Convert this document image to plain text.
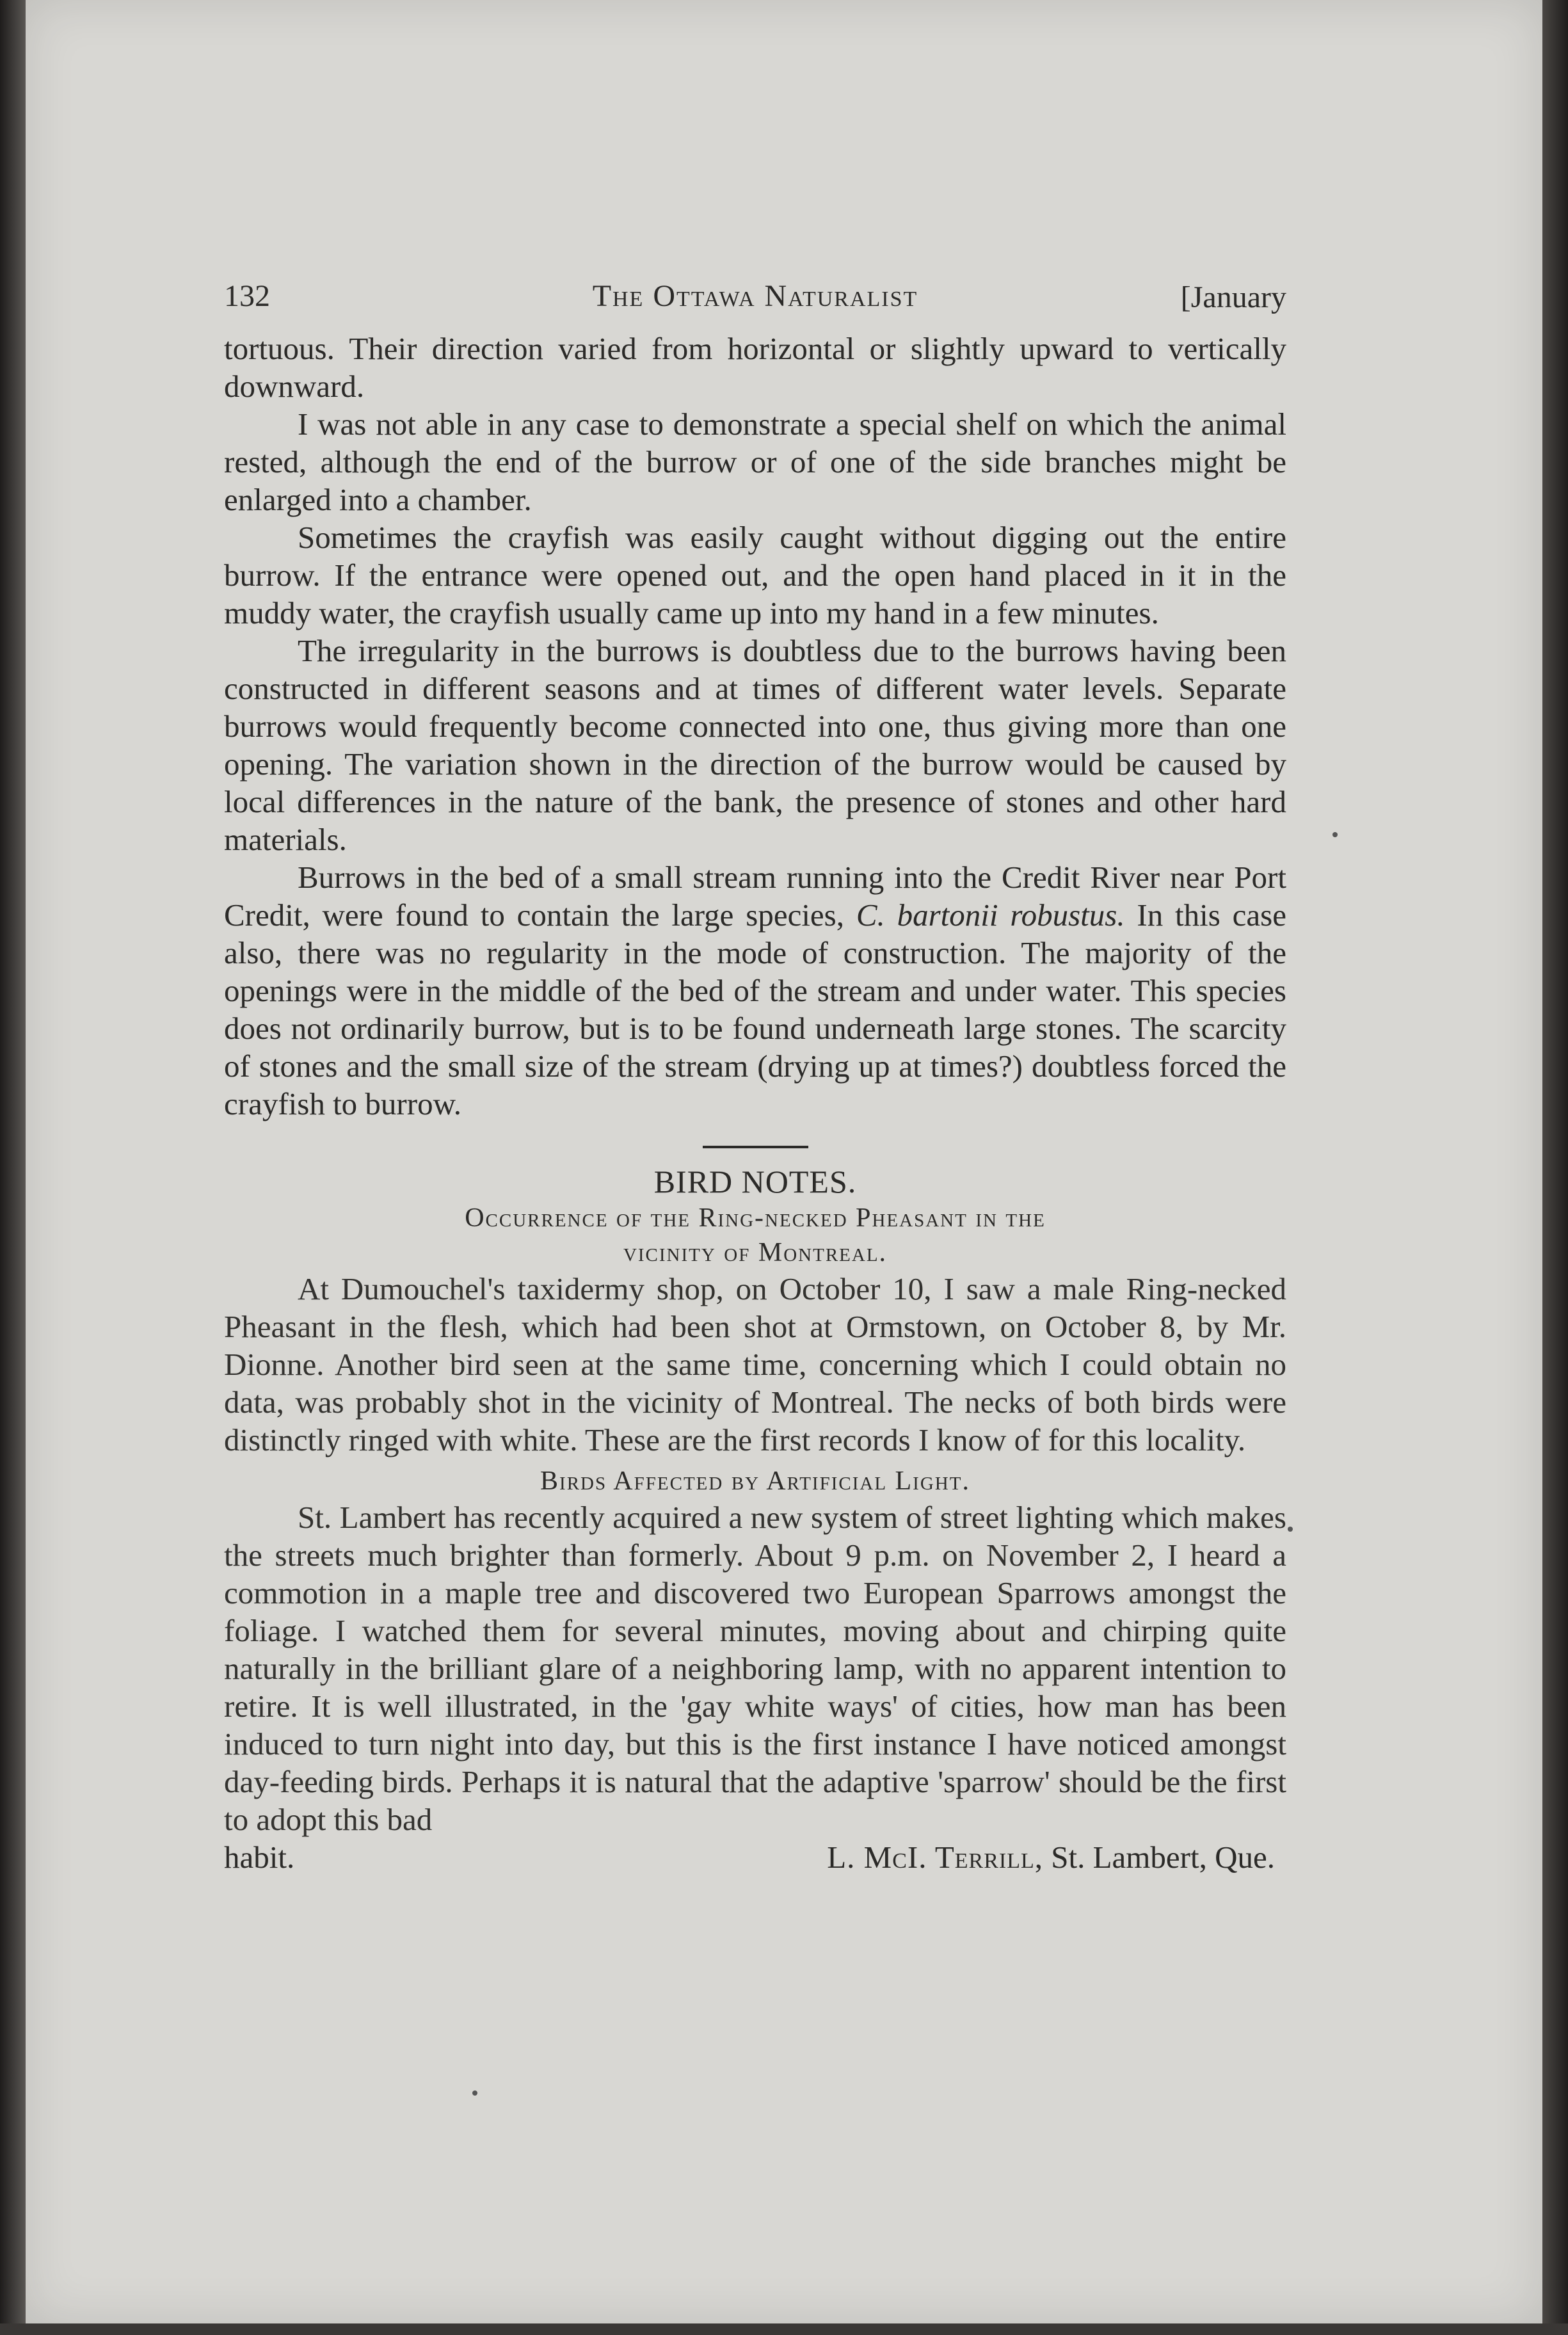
132	The Ottawa Naturalist	[January

tortuous. Their direction varied from horizontal or slightly upward to vertically downward.

I was not able in any case to demonstrate a special shelf on which the animal rested, although the end of the burrow or of one of the side branches might be enlarged into a chamber.

Sometimes the crayfish was easily caught without digging out the entire burrow. If the entrance were opened out, and the open hand placed in it in the muddy water, the crayfish usually came up into my hand in a few minutes.

The irregularity in the burrows is doubtless due to the burrows having been constructed in different seasons and at times of different water levels. Separate burrows would frequently become connected into one, thus giving more than one opening. The variation shown in the direction of the burrow would be caused by local differences in the nature of the bank, the presence of stones and other hard materials.

Burrows in the bed of a small stream running into the Credit River near Port Credit, were found to contain the large species, C. bartonii robustus. In this case also, there was no regularity in the mode of construction. The majority of the openings were in the middle of the bed of the stream and under water. This species does not ordinarily burrow, but is to be found underneath large stones. The scarcity of stones and the small size of the stream (drying up at times?) doubtless forced the crayfish to burrow.

BIRD NOTES.
Occurrence of the Ring-necked Pheasant in the
vicinity of Montreal.

At Dumouchel's taxidermy shop, on October 10, I saw a male Ring-necked Pheasant in the flesh, which had been shot at Ormstown, on October 8, by Mr. Dionne. Another bird seen at the same time, concerning which I could obtain no data, was probably shot in the vicinity of Montreal. The necks of both birds were distinctly ringed with white. These are the first records I know of for this locality.

Birds Affected by Artificial Light.

St. Lambert has recently acquired a new system of street lighting which makes the streets much brighter than formerly. About 9 p.m. on November 2, I heard a commotion in a maple tree and discovered two European Sparrows amongst the foliage. I watched them for several minutes, moving about and chirping quite naturally in the brilliant glare of a neighboring lamp, with no apparent intention to retire. It is well illustrated, in the 'gay white ways' of cities, how man has been induced to turn night into day, but this is the first instance I have noticed amongst day-feeding birds. Perhaps it is natural that the adaptive 'sparrow' should be the first to adopt this bad

habit.	L. McI. Terrill, St. Lambert, Que.
